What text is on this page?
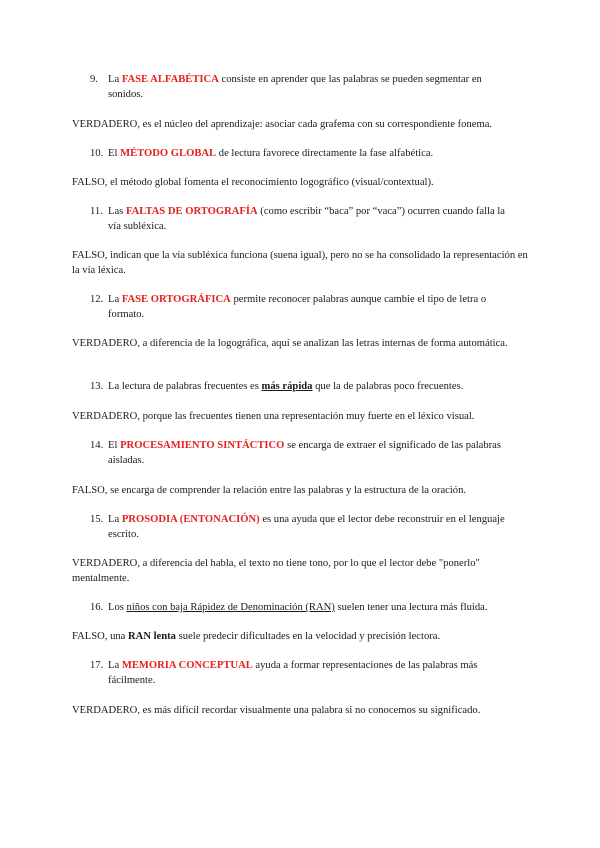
9. La FASE ALFABÉTICA consiste en aprender que las palabras se pueden segmentar en sonidos.

VERDADERO, es el núcleo del aprendizaje: asociar cada grafema con su correspondiente fonema.

10. El MÉTODO GLOBAL de lectura favorece directamente la fase alfabética.

FALSO, el método global fomenta el reconocimiento logográfico (visual/contextual).

11. Las FALTAS DE ORTOGRAFÍA (como escribir “baca” por “vaca”) ocurren cuando falla la vía subléxica.

FALSO, indican que la vía subléxica funciona (suena igual), pero no se ha consolidado la representación en la vía léxica.

12. La FASE ORTOGRÁFICA permite reconocer palabras aunque cambie el tipo de letra o formato.

VERDADERO, a diferencia de la logográfica, aquí se analizan las letras internas de forma automática.

13. La lectura de palabras frecuentes es más rápida que la de palabras poco frecuentes.

VERDADERO, porque las frecuentes tienen una representación muy fuerte en el léxico visual.

14. El PROCESAMIENTO SINTÁCTICO se encarga de extraer el significado de las palabras aisladas.

FALSO, se encarga de comprender la relación entre las palabras y la estructura de la oración.

15. La PROSODIA (ENTONACIÓN) es una ayuda que el lector debe reconstruir en el lenguaje escrito.

VERDADERO, a diferencia del habla, el texto no tiene tono, por lo que el lector debe "ponerlo" mentalmente.

16. Los niños con baja Rápidez de Denominación (RAN) suelen tener una lectura más fluida.

FALSO, una RAN lenta suele predecir dificultades en la velocidad y precisión lectora.

17. La MEMORIA CONCEPTUAL ayuda a formar representaciones de las palabras más fácilmente.

VERDADERO, es más difícil recordar visualmente una palabra si no conocemos su significado.
